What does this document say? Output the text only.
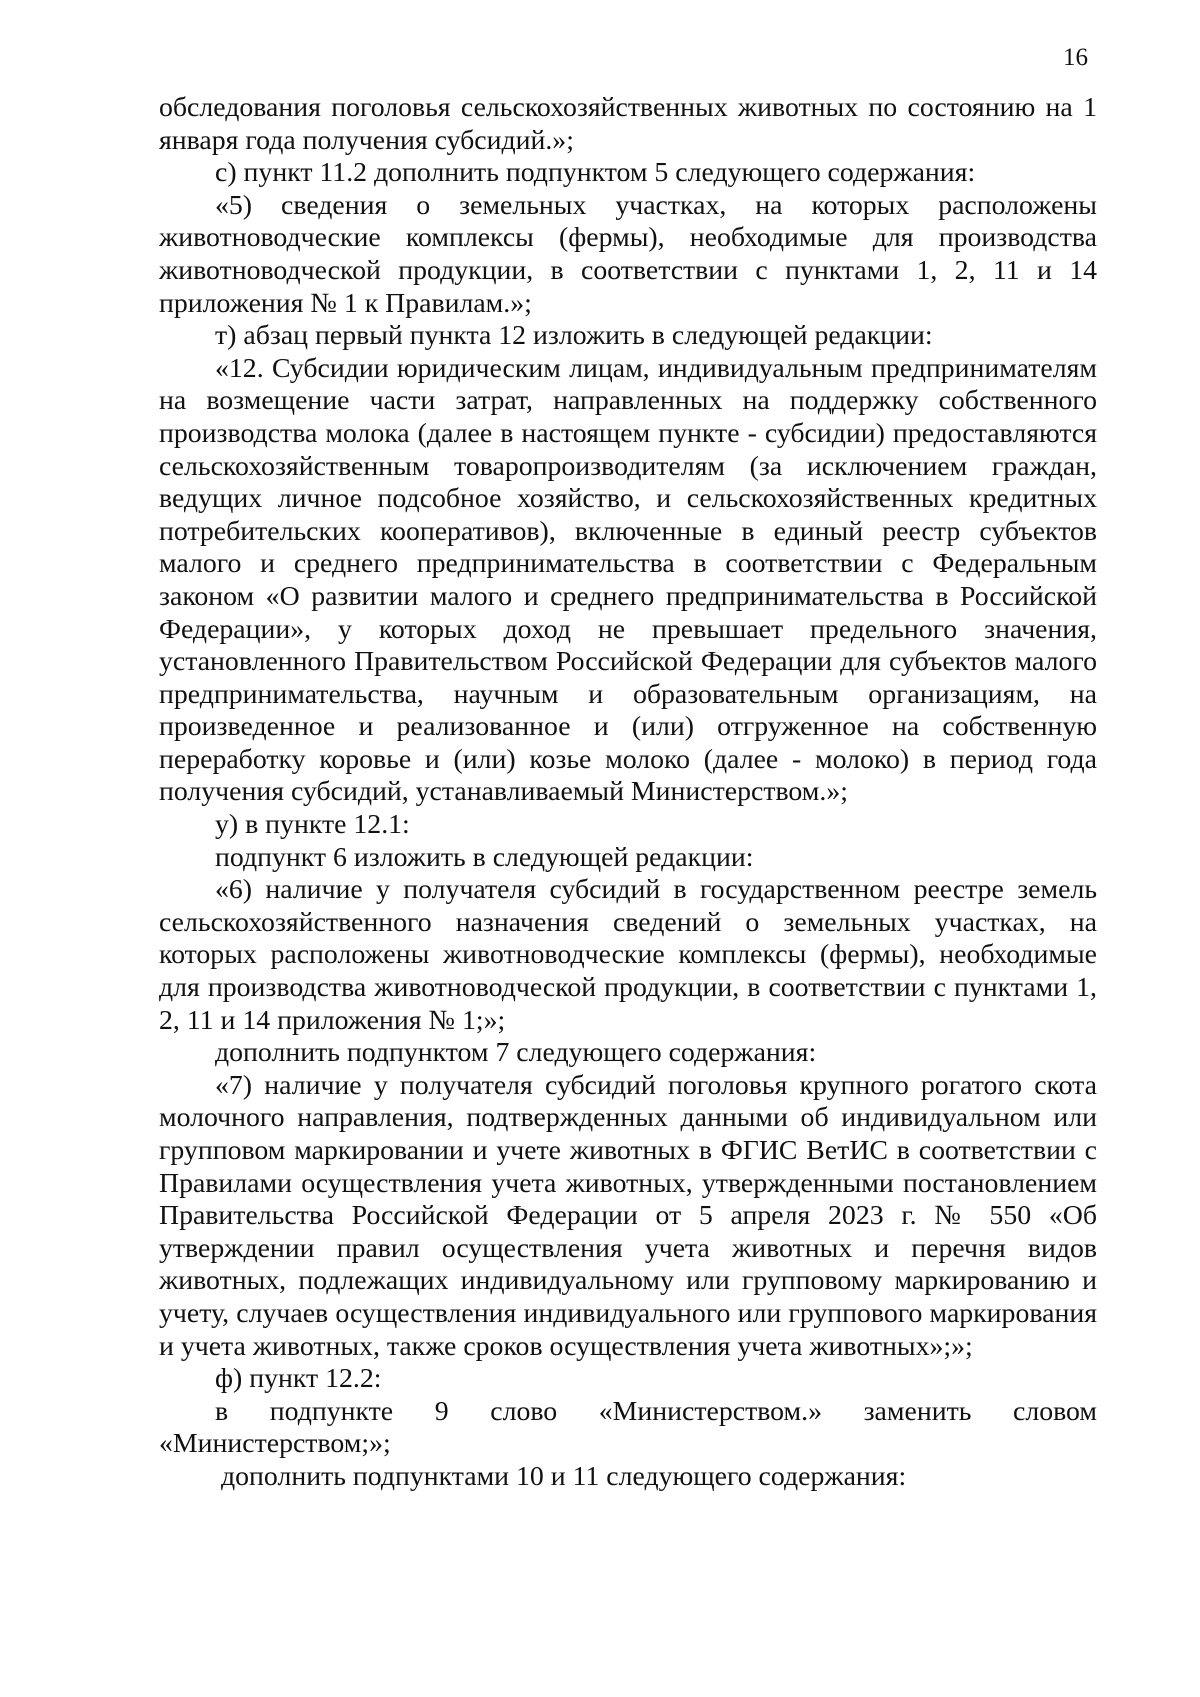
16

обследования поголовья сельскохозяйственных животных по состоянию на 1 января года получения субсидий.»;

с) пункт 11.2 дополнить подпунктом 5 следующего содержания:

«5) сведения о земельных участках, на которых расположены животноводческие комплексы (фермы), необходимые для производства животноводческой продукции, в соответствии с пунктами 1, 2, 11 и 14 приложения № 1 к Правилам.»;

т) абзац первый пункта 12 изложить в следующей редакции:

«12. Субсидии юридическим лицам, индивидуальным предпринимателям на возмещение части затрат, направленных на поддержку собственного производства молока (далее в настоящем пункте - субсидии) предоставляются сельскохозяйственным товаропроизводителям (за исключением граждан, ведущих личное подсобное хозяйство, и сельскохозяйственных кредитных потребительских кооперативов), включенные в единый реестр субъектов малого и среднего предпринимательства в соответствии с Федеральным законом «О развитии малого и среднего предпринимательства в Российской Федерации», у которых доход не превышает предельного значения, установленного Правительством Российской Федерации для субъектов малого предпринимательства, научным и образовательным организациям, на произведенное и реализованное и (или) отгруженное на собственную переработку коровье и (или) козье молоко (далее - молоко) в период года получения субсидий, устанавливаемый Министерством.»;

у) в пункте 12.1:

подпункт 6 изложить в следующей редакции:

«6) наличие у получателя субсидий в государственном реестре земель сельскохозяйственного назначения сведений о земельных участках, на которых расположены животноводческие комплексы (фермы), необходимые для производства животноводческой продукции, в соответствии с пунктами 1, 2, 11 и 14 приложения № 1;»;

дополнить подпунктом 7 следующего содержания:

«7) наличие у получателя субсидий поголовья крупного рогатого скота молочного направления, подтвержденных данными об индивидуальном или групповом маркировании и учете животных в ФГИС ВетИС в соответствии с Правилами осуществления учета животных, утвержденными постановлением Правительства Российской Федерации от 5 апреля 2023 г. № 550 «Об утверждении правил осуществления учета животных и перечня видов животных, подлежащих индивидуальному или групповому маркированию и учету, случаев осуществления индивидуального или группового маркирования и учета животных, также сроков осуществления учета животных»;»;

ф) пункт 12.2:

в подпункте 9 слово «Министерством.» заменить словом «Министерством;»;

дополнить подпунктами 10 и 11 следующего содержания:
